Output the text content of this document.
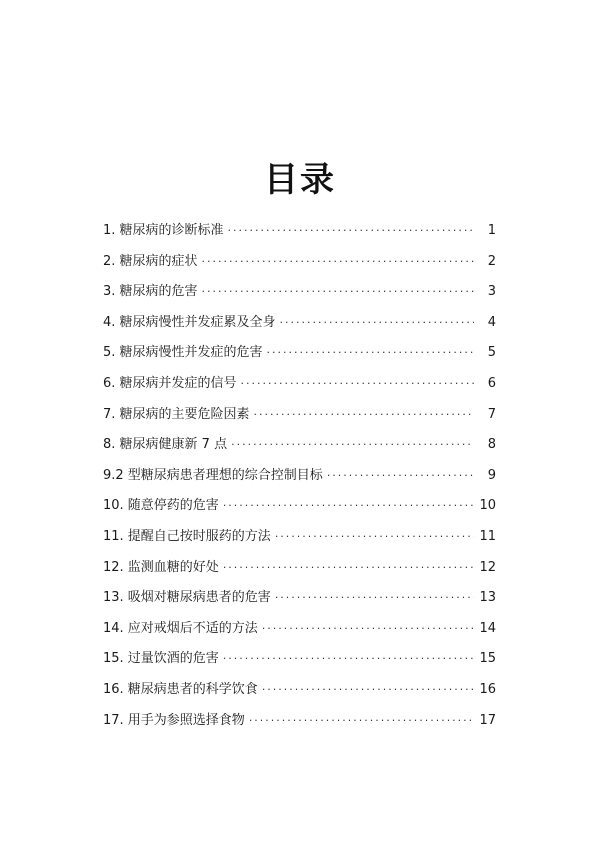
目录
1. 糖尿病的诊断标准 ·····	1
2. 糖尿病的症状 ·····	2
3. 糖尿病的危害 ·····	3
4. 糖尿病慢性并发症累及全身 ·····	4
5. 糖尿病慢性并发症的危害 ·····	5
6. 糖尿病并发症的信号 ·····	6
7. 糖尿病的主要危险因素 ·····	7
8. 糖尿病健康新 7 点 ·····	8
9.2 型糖尿病患者理想的综合控制目标 ·····	9
10. 随意停药的危害 ·····	10
11. 提醒自己按时服药的方法 ·····	11
12. 监测血糖的好处 ·····	12
13. 吸烟对糖尿病患者的危害 ·····	13
14. 应对戒烟后不适的方法 ·····	14
15. 过量饮酒的危害 ·····	15
16. 糖尿病患者的科学饮食 ·····	16
17. 用手为参照选择食物 ·····	17
